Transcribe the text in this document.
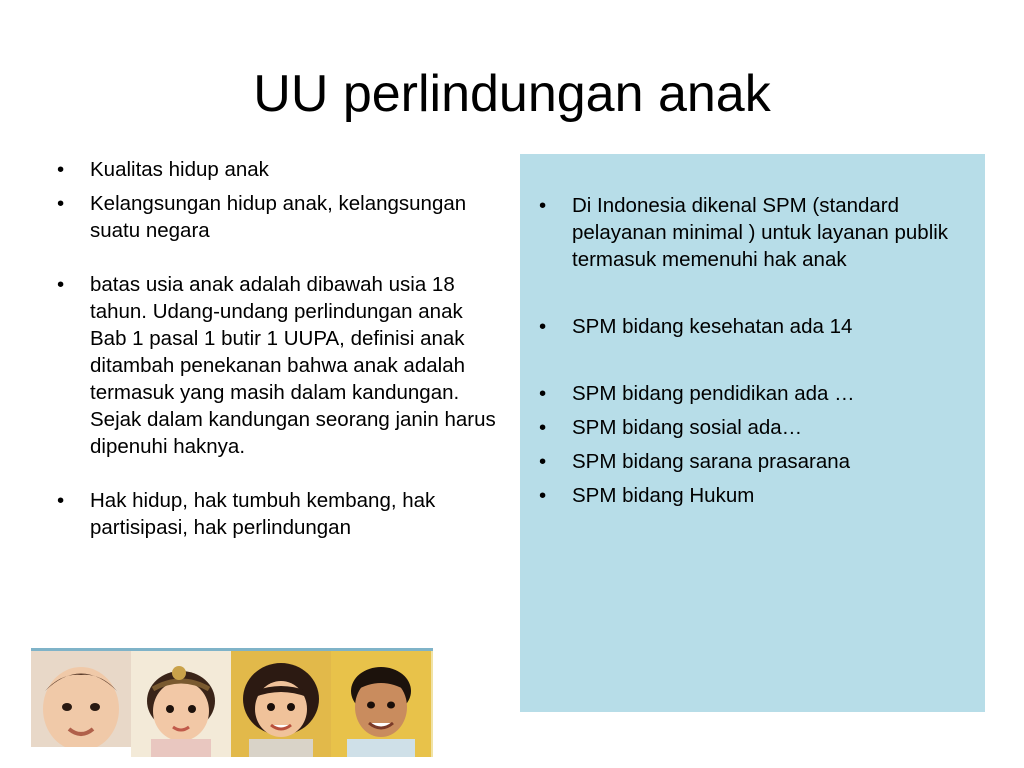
UU perlindungan anak
• Kualitas hidup anak
• Kelangsungan hidup anak, kelangsungan suatu negara
• batas usia anak adalah dibawah usia 18 tahun. Udang-undang perlindungan anak Bab 1 pasal 1 butir 1 UUPA, definisi anak ditambah penekanan bahwa anak adalah termasuk yang masih dalam kandungan. Sejak dalam kandungan seorang janin harus dipenuhi haknya.
• Hak hidup, hak tumbuh kembang, hak partisipasi, hak perlindungan
• Di Indonesia dikenal SPM (standard pelayanan minimal ) untuk layanan publik termasuk memenuhi hak anak
• SPM bidang kesehatan ada 14
• SPM bidang pendidikan ada …
• SPM bidang sosial ada…
• SPM bidang sarana prasarana
• SPM bidang Hukum
